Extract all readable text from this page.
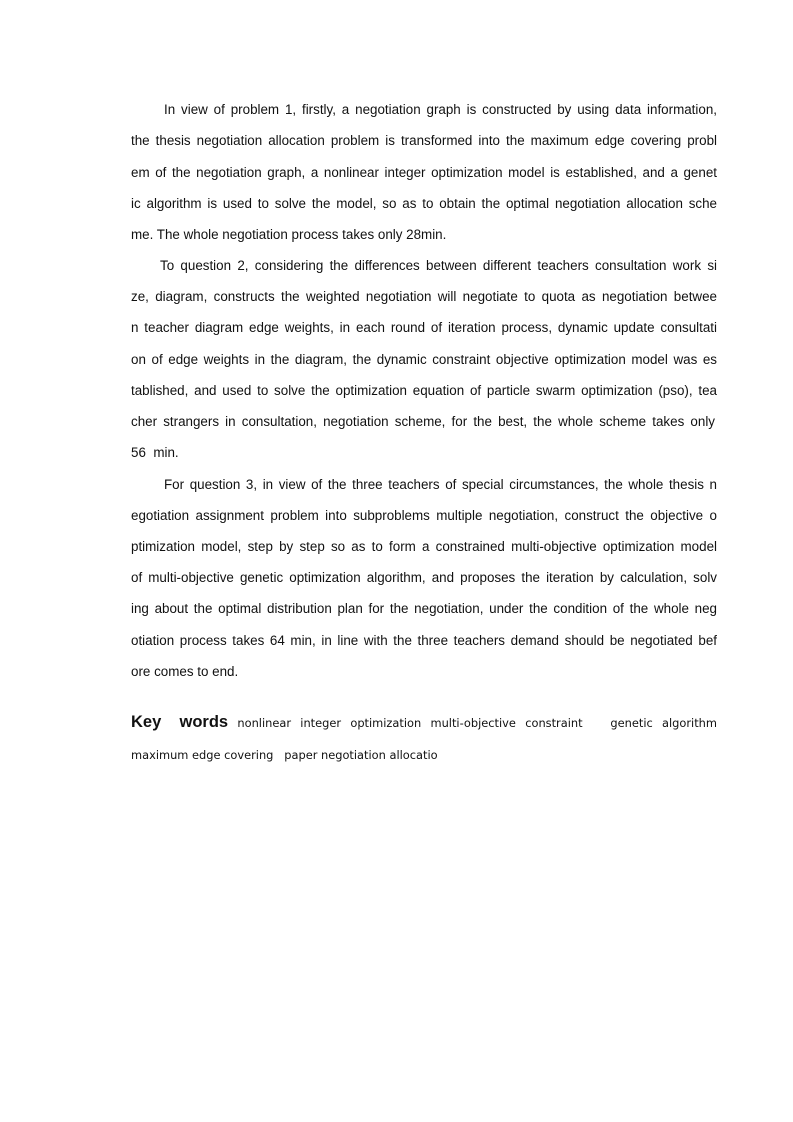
In view of problem 1, firstly, a negotiation graph is constructed by using data information,
the thesis negotiation allocation problem is transformed into the maximum edge covering probl
em of the negotiation graph, a nonlinear integer optimization model is established, and a genet
ic algorithm is used to solve the model, so as to obtain the optimal negotiation allocation sche
me. The whole negotiation process takes only 28min.
To question 2, considering the differences between different teachers consultation work si
ze, diagram, constructs the weighted negotiation will negotiate to quota as negotiation betwee
n teacher diagram edge weights, in each round of iteration process, dynamic update consultati
on of edge weights in the diagram, the dynamic constraint objective optimization model was es
tablished, and used to solve the optimization equation of particle swarm optimization (pso), tea
cher strangers in consultation, negotiation scheme, for the best, the whole scheme takes only
56  min.
For question 3, in view of the three teachers of special circumstances, the whole thesis n
egotiation assignment problem into subproblems multiple negotiation, construct the objective o
ptimization model, step by step so as to form a constrained multi-objective optimization model
of multi-objective genetic optimization algorithm, and proposes the iteration by calculation, solv
ing about the optimal distribution plan for the negotiation, under the condition of the whole neg
otiation process takes 64 min, in line with the three teachers demand should be negotiated bef
ore comes to end.
Key words nonlinear integer optimization multi-objective constraint   genetic algorithm
maximum edge covering   paper negotiation allocatio
